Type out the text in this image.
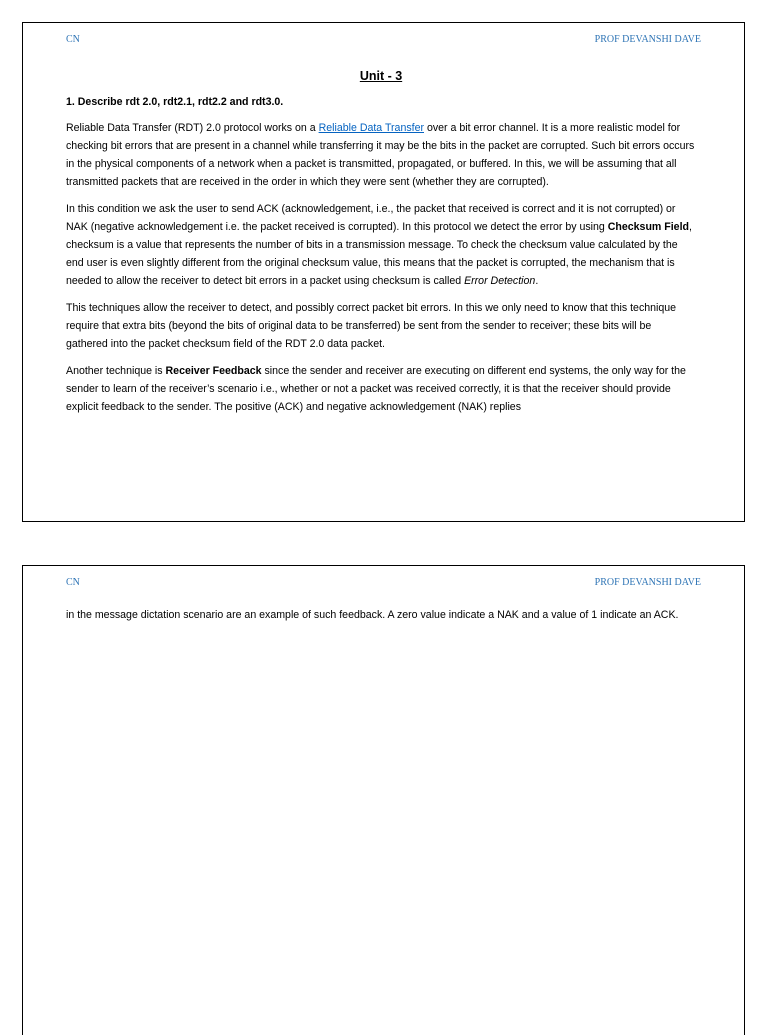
CN	PROF DEVANSHI DAVE
Unit - 3
1. Describe rdt 2.0, rdt2.1, rdt2.2 and rdt3.0.

Reliable Data Transfer (RDT) 2.0 protocol works on a Reliable Data Transfer over a bit error channel. It is a more realistic model for checking bit errors that are present in a channel while transferring it may be the bits in the packet are corrupted. Such bit errors occurs in the physical components of a network when a packet is transmitted, propagated, or buffered. In this, we will be assuming that all transmitted packets that are received in the order in which they were sent (whether they are corrupted).

In this condition we ask the user to send ACK (acknowledgement, i.e., the packet that received is correct and it is not corrupted) or NAK (negative acknowledgement i.e. the packet received is corrupted). In this protocol we detect the error by using Checksum Field, checksum is a value that represents the number of bits in a transmission message. To check the checksum value calculated by the end user is even slightly different from the original checksum value, this means that the packet is corrupted, the mechanism that is needed to allow the receiver to detect bit errors in a packet using checksum is called Error Detection.

This techniques allow the receiver to detect, and possibly correct packet bit errors. In this we only need to know that this technique require that extra bits (beyond the bits of original data to be transferred) be sent from the sender to receiver; these bits will be gathered into the packet checksum field of the RDT 2.0 data packet.

Another technique is Receiver Feedback since the sender and receiver are executing on different end systems, the only way for the sender to learn of the receiver’s scenario i.e., whether or not a packet was received correctly, it is that the receiver should provide explicit feedback to the sender. The positive (ACK) and negative acknowledgement (NAK) replies

CN	PROF DEVANSHI DAVE

in the message dictation scenario are an example of such feedback. A zero value indicate a NAK and a value of 1 indicate an ACK.
